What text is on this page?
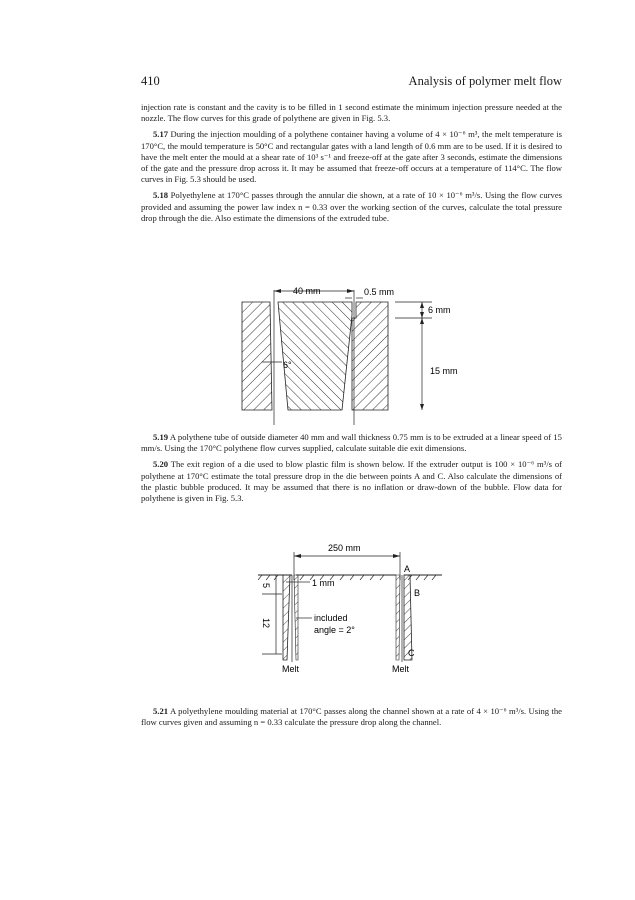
410	Analysis of polymer melt flow

injection rate is constant and the cavity is to be filled in 1 second estimate the minimum injection pressure needed at the nozzle. The flow curves for this grade of polythene are given in Fig. 5.3.

5.17 During the injection moulding of a polythene container having a volume of 4 × 10⁻⁶ m³, the melt temperature is 170°C, the mould temperature is 50°C and rectangular gates with a land length of 0.6 mm are to be used. If it is desired to have the melt enter the mould at a shear rate of 10³ s⁻¹ and freeze-off at the gate after 3 seconds, estimate the dimensions of the gate and the pressure drop across it. It may be assumed that freeze-off occurs at a temperature of 114°C. The flow curves in Fig. 5.3 should be used.

5.18 Polyethylene at 170°C passes through the annular die shown, at a rate of 10 × 10⁻⁶ m³/s. Using the flow curves provided and assuming the power law index n = 0.33 over the working section of the curves, calculate the total pressure drop through the die. Also estimate the dimensions of the extruded tube.

40 mm	0.5 mm
6 mm
15 mm
6°

5.19 A polythene tube of outside diameter 40 mm and wall thickness 0.75 mm is to be extruded at a linear speed of 15 mm/s. Using the 170°C polythene flow curves supplied, calculate suitable die exit dimensions.

5.20 The exit region of a die used to blow plastic film is shown below. If the extruder output is 100 × 10⁻⁶ m³/s of polythene at 170°C estimate the total pressure drop in the die between points A and C. Also calculate the dimensions of the plastic bubble produced. It may be assumed that there is no inflation or draw-down of the bubble. Flow data for polythene is given in Fig. 5.3.

250 mm
1 mm
5
12	included
angle = 2°
A
B
C
Melt	Melt

5.21 A polyethylene moulding material at 170°C passes along the channel shown at a rate of 4 × 10⁻⁶ m³/s. Using the flow curves given and assuming n = 0.33 calculate the pressure drop along the channel.
